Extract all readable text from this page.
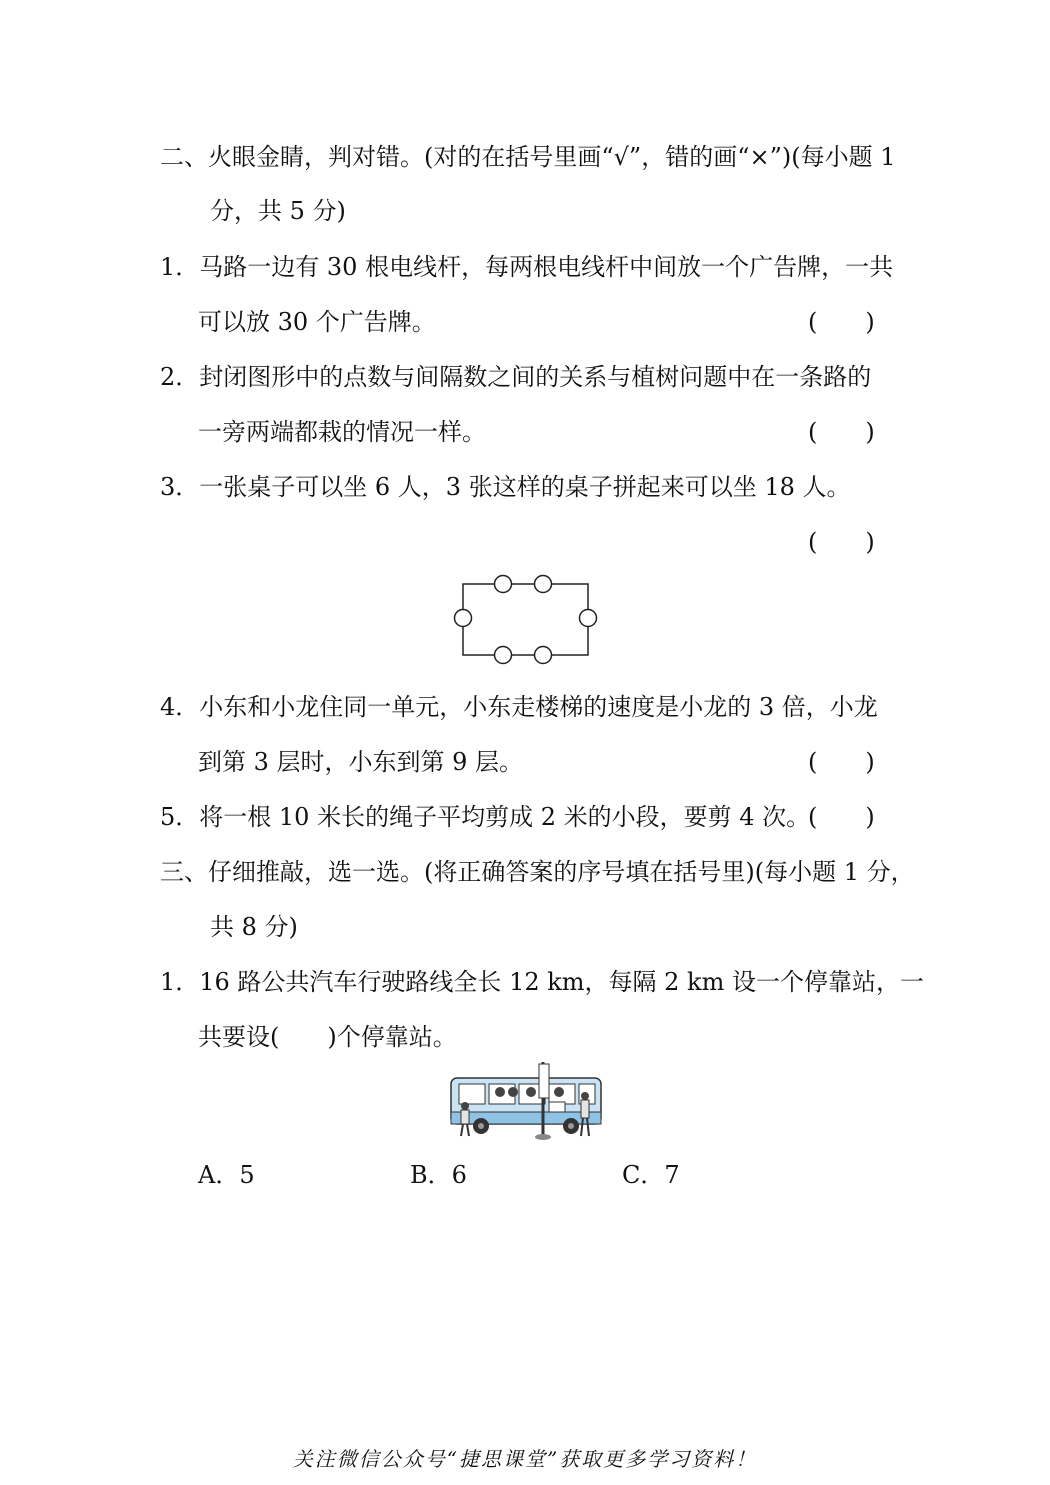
二、火眼金睛，判对错。(对的在括号里画“√”，错的画“×”)(每小题 1
分，共 5 分)
1．马路一边有 30 根电线杆，每两根电线杆中间放一个广告牌，一共
可以放 30 个广告牌。	(　　)
2．封闭图形中的点数与间隔数之间的关系与植树问题中在一条路的
一旁两端都栽的情况一样。	(　　)
3．一张桌子可以坐 6 人，3 张这样的桌子拼起来可以坐 18 人。
(　　)
4．小东和小龙住同一单元，小东走楼梯的速度是小龙的 3 倍，小龙
到第 3 层时，小东到第 9 层。	(　　)
5．将一根 10 米长的绳子平均剪成 2 米的小段，要剪 4 次。
(　　)
三、仔细推敲，选一选。(将正确答案的序号填在括号里)(每小题 1 分，
共 8 分)
1．16 路公共汽车行驶路线全长 12 km，每隔 2 km 设一个停靠站，一
共要设(　　)个停靠站。
A．5	B．6	C．7
关注微信公众号“捷思课堂”获取更多学习资料！
